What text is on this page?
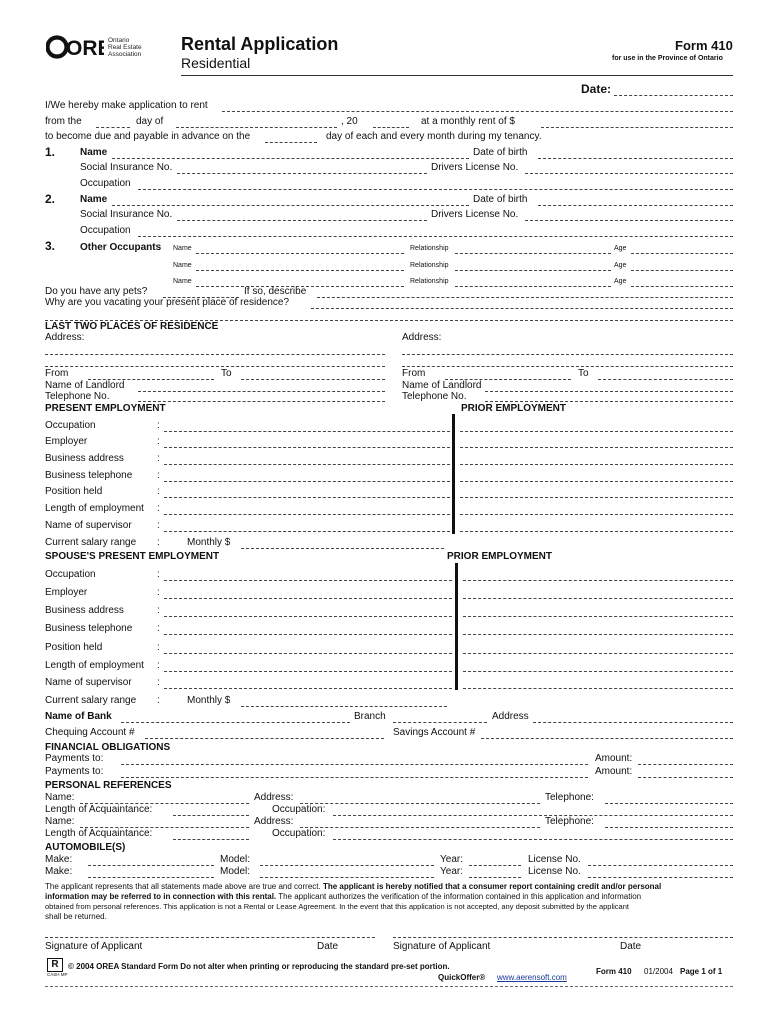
OR	Ontario
Real Estate
Association
Rental Application
Residential
Form 410
for use in the Province of Ontario
Date:
I/We hereby make application to rent
from the	day of	, 20	at a monthly rent of $
to become due and payable in advance on the	day of each and every month during my tenancy.
1. Name	Date of birth
Social Insurance No.	Drivers License No.
Occupation
2. Name	Date of birth
Social Insurance No.	Drivers License No.
Occupation
3. Other Occupants Name	Relationship	Age
Name	Relationship	Age
Name	Relationship	Age
Do you have any pets?	If so, describe
Why are you vacating your present place of residence?
LAST TWO PLACES OF RESIDENCE
Address:	Address:
From	To	From	To
Name of Landlord	Name of Landlord
Telephone No.	Telephone No.
PRESENT EMPLOYMENT	PRIOR EMPLOYMENT
Occupation	:
Employer	:
Business address	:
Business telephone :
Position held	:
Length of employment :
Name of supervisor	:
Current salary range :	Monthly $
SPOUSE'S PRESENT EMPLOYMENT	PRIOR EMPLOYMENT
Occupation	:
Employer	:
Business address	:
Business telephone :
Position held	:
Length of employment :
Name of supervisor	:
Current salary range :	Monthly $
Name of Bank	Branch	Address
Chequing Account #	Savings Account #
FINANCIAL OBLIGATIONS
Payments to:	Amount:
Payments to:	Amount:
PERSONAL REFERENCES
Name:	Address:	Telephone:
Length of Acquaintance:	Occupation:
Name:	Address:	Telephone:
Length of Acquaintance:	Occupation:
AUTOMOBILE(S)
Make:	Model:	Year:	License No.
Make:	Model:	Year:	License No.
The applicant represents that all statements made above are true and correct. The applicant is hereby notified that a consumer report containing credit and/or personal
information may be referred to in connection with this rental. The applicant authorizes the verification of the information contained in this application and information
obtained from personal references. This application is not a Rental or Lease Agreement. In the event that this application is not accepted, any deposit submitted by the applicant
shall be returned.
Signature of Applicant	Date	Signature of Applicant	Date
R
CASH MP
© 2004 OREA Standard Form Do not alter when printing or reproducing the standard pre-set portion.
QuickOffer® www.aerensoft.com
Form 410 01/2004 Page 1 of 1
